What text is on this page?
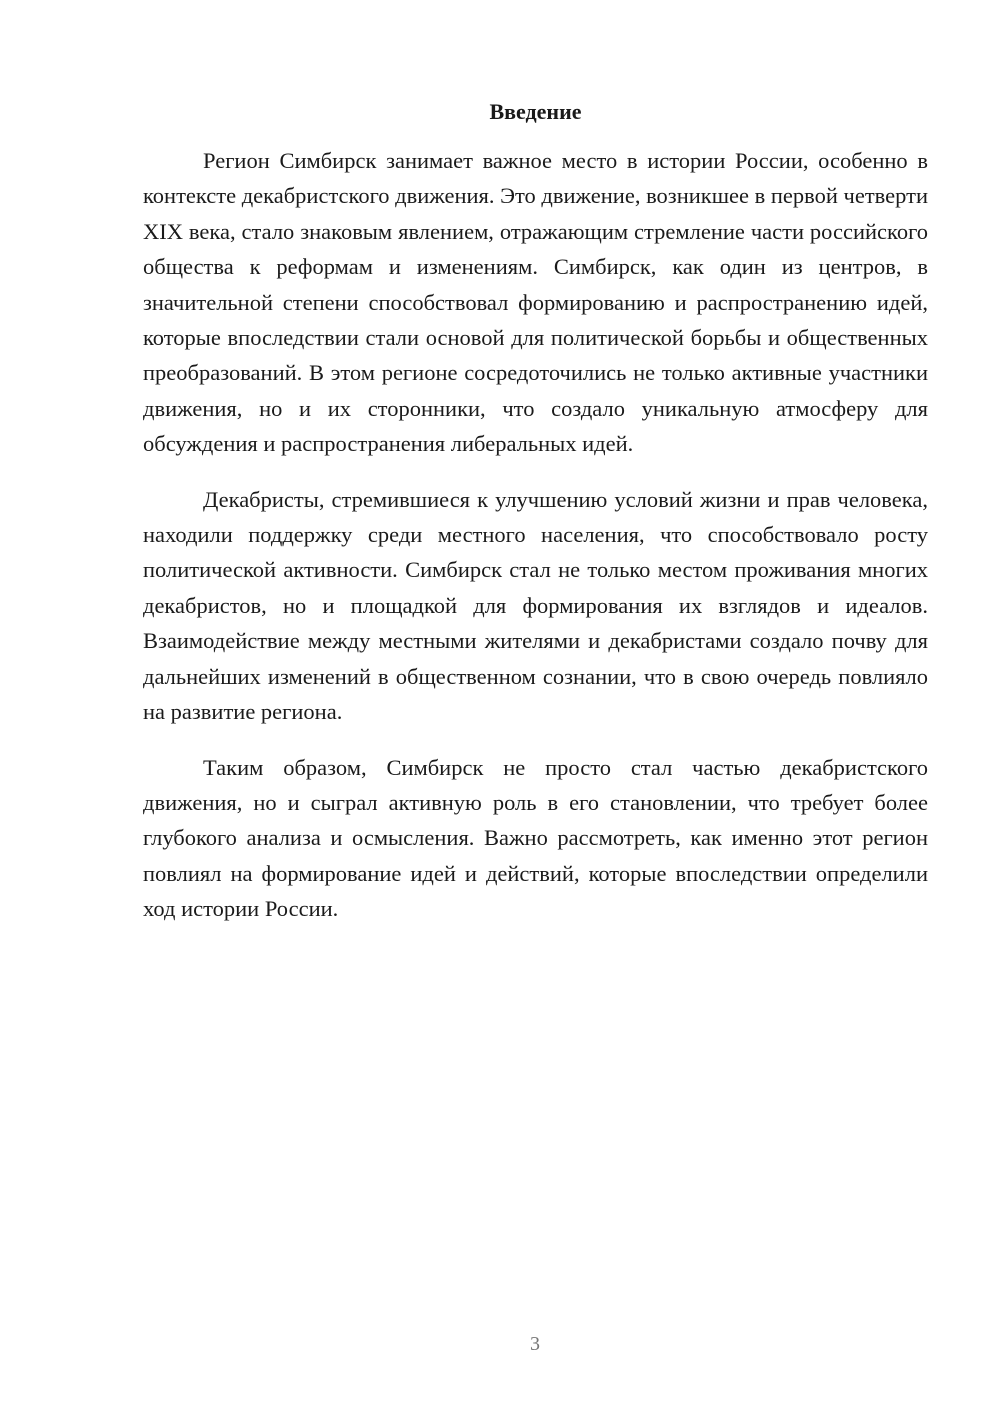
Введение

Регион Симбирск занимает важное место в истории России, особенно в контексте декабристского движения. Это движение, возникшее в первой четверти XIX века, стало знаковым явлением, отражающим стремление части российского общества к реформам и изменениям. Симбирск, как один из центров, в значительной степени способствовал формированию и распространению идей, которые впоследствии стали основой для политической борьбы и общественных преобразований. В этом регионе сосредоточились не только активные участники движения, но и их сторонники, что создало уникальную атмосферу для обсуждения и распространения либеральных идей.

Декабристы, стремившиеся к улучшению условий жизни и прав человека, находили поддержку среди местного населения, что способствовало росту политической активности. Симбирск стал не только местом проживания многих декабристов, но и площадкой для формирования их взглядов и идеалов. Взаимодействие между местными жителями и декабристами создало почву для дальнейших изменений в общественном сознании, что в свою очередь повлияло на развитие региона.

Таким образом, Симбирск не просто стал частью декабристского движения, но и сыграл активную роль в его становлении, что требует более глубокого анализа и осмысления. Важно рассмотреть, как именно этот регион повлиял на формирование идей и действий, которые впоследствии определили ход истории России.

3
